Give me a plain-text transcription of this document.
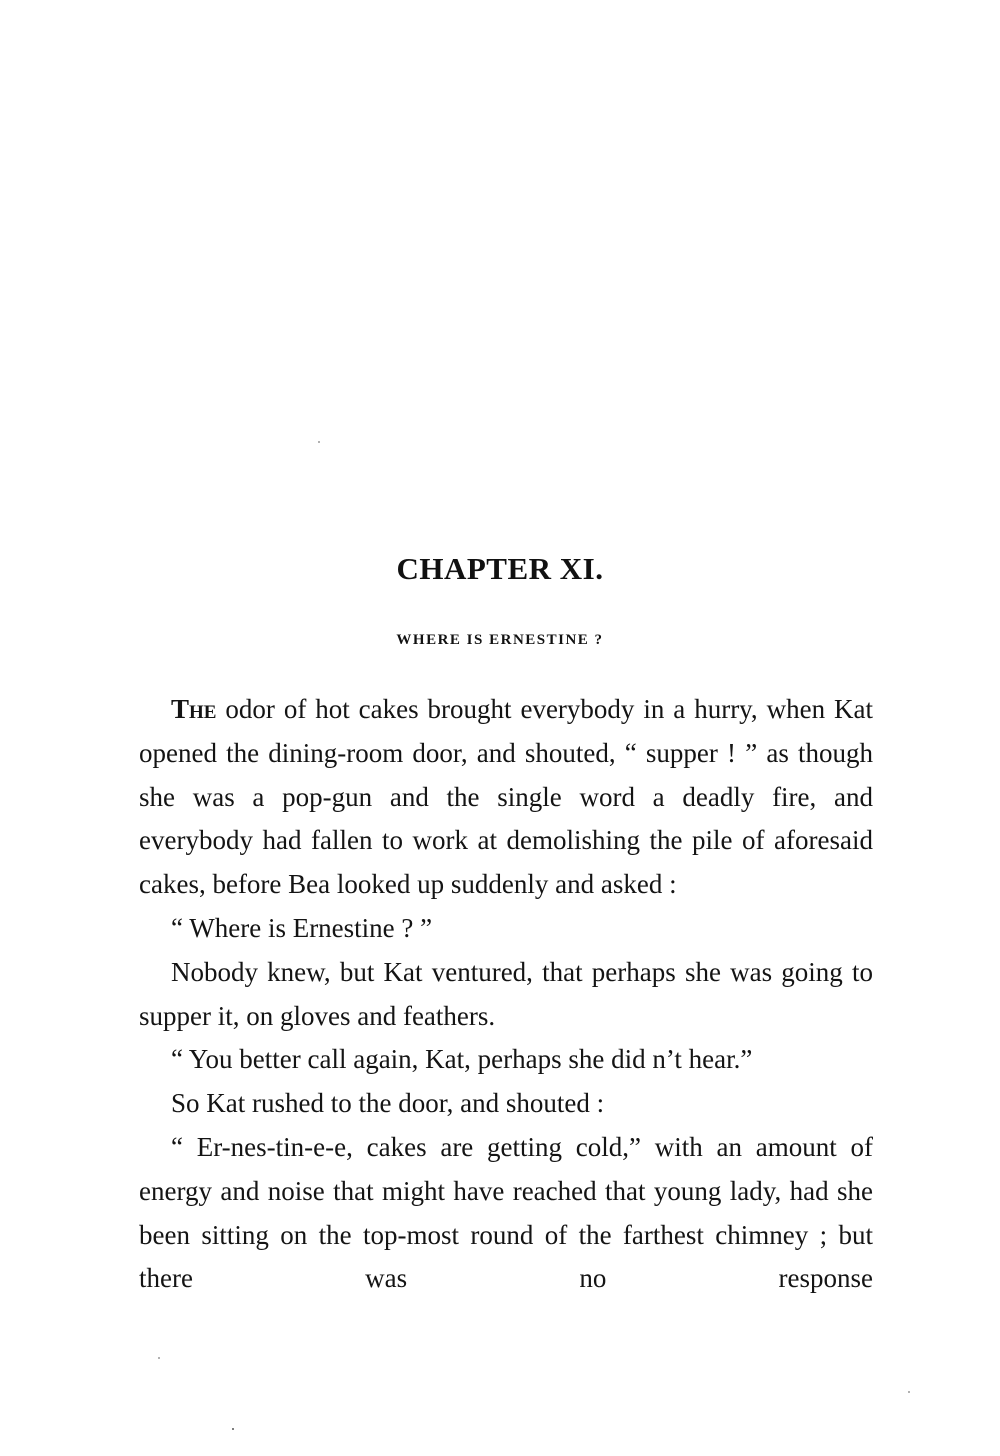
CHAPTER XI.
WHERE IS ERNESTINE ?

The odor of hot cakes brought everybody in a hurry, when Kat opened the dining-room door, and shouted, “ supper ! ” as though she was a pop-gun and the single word a deadly fire, and everybody had fallen to work at demolishing the pile of aforesaid cakes, before Bea looked up suddenly and asked :

“ Where is Ernestine ? ”

Nobody knew, but Kat ventured, that perhaps she was going to supper it, on gloves and feathers.

“ You better call again, Kat, perhaps she did n’t hear.”

So Kat rushed to the door, and shouted :

“ Er-nes-tin-e-e, cakes are getting cold,” with an amount of energy and noise that might have reached that young lady, had she been sitting on the top-most round of the farthest chimney ; but there was no response
